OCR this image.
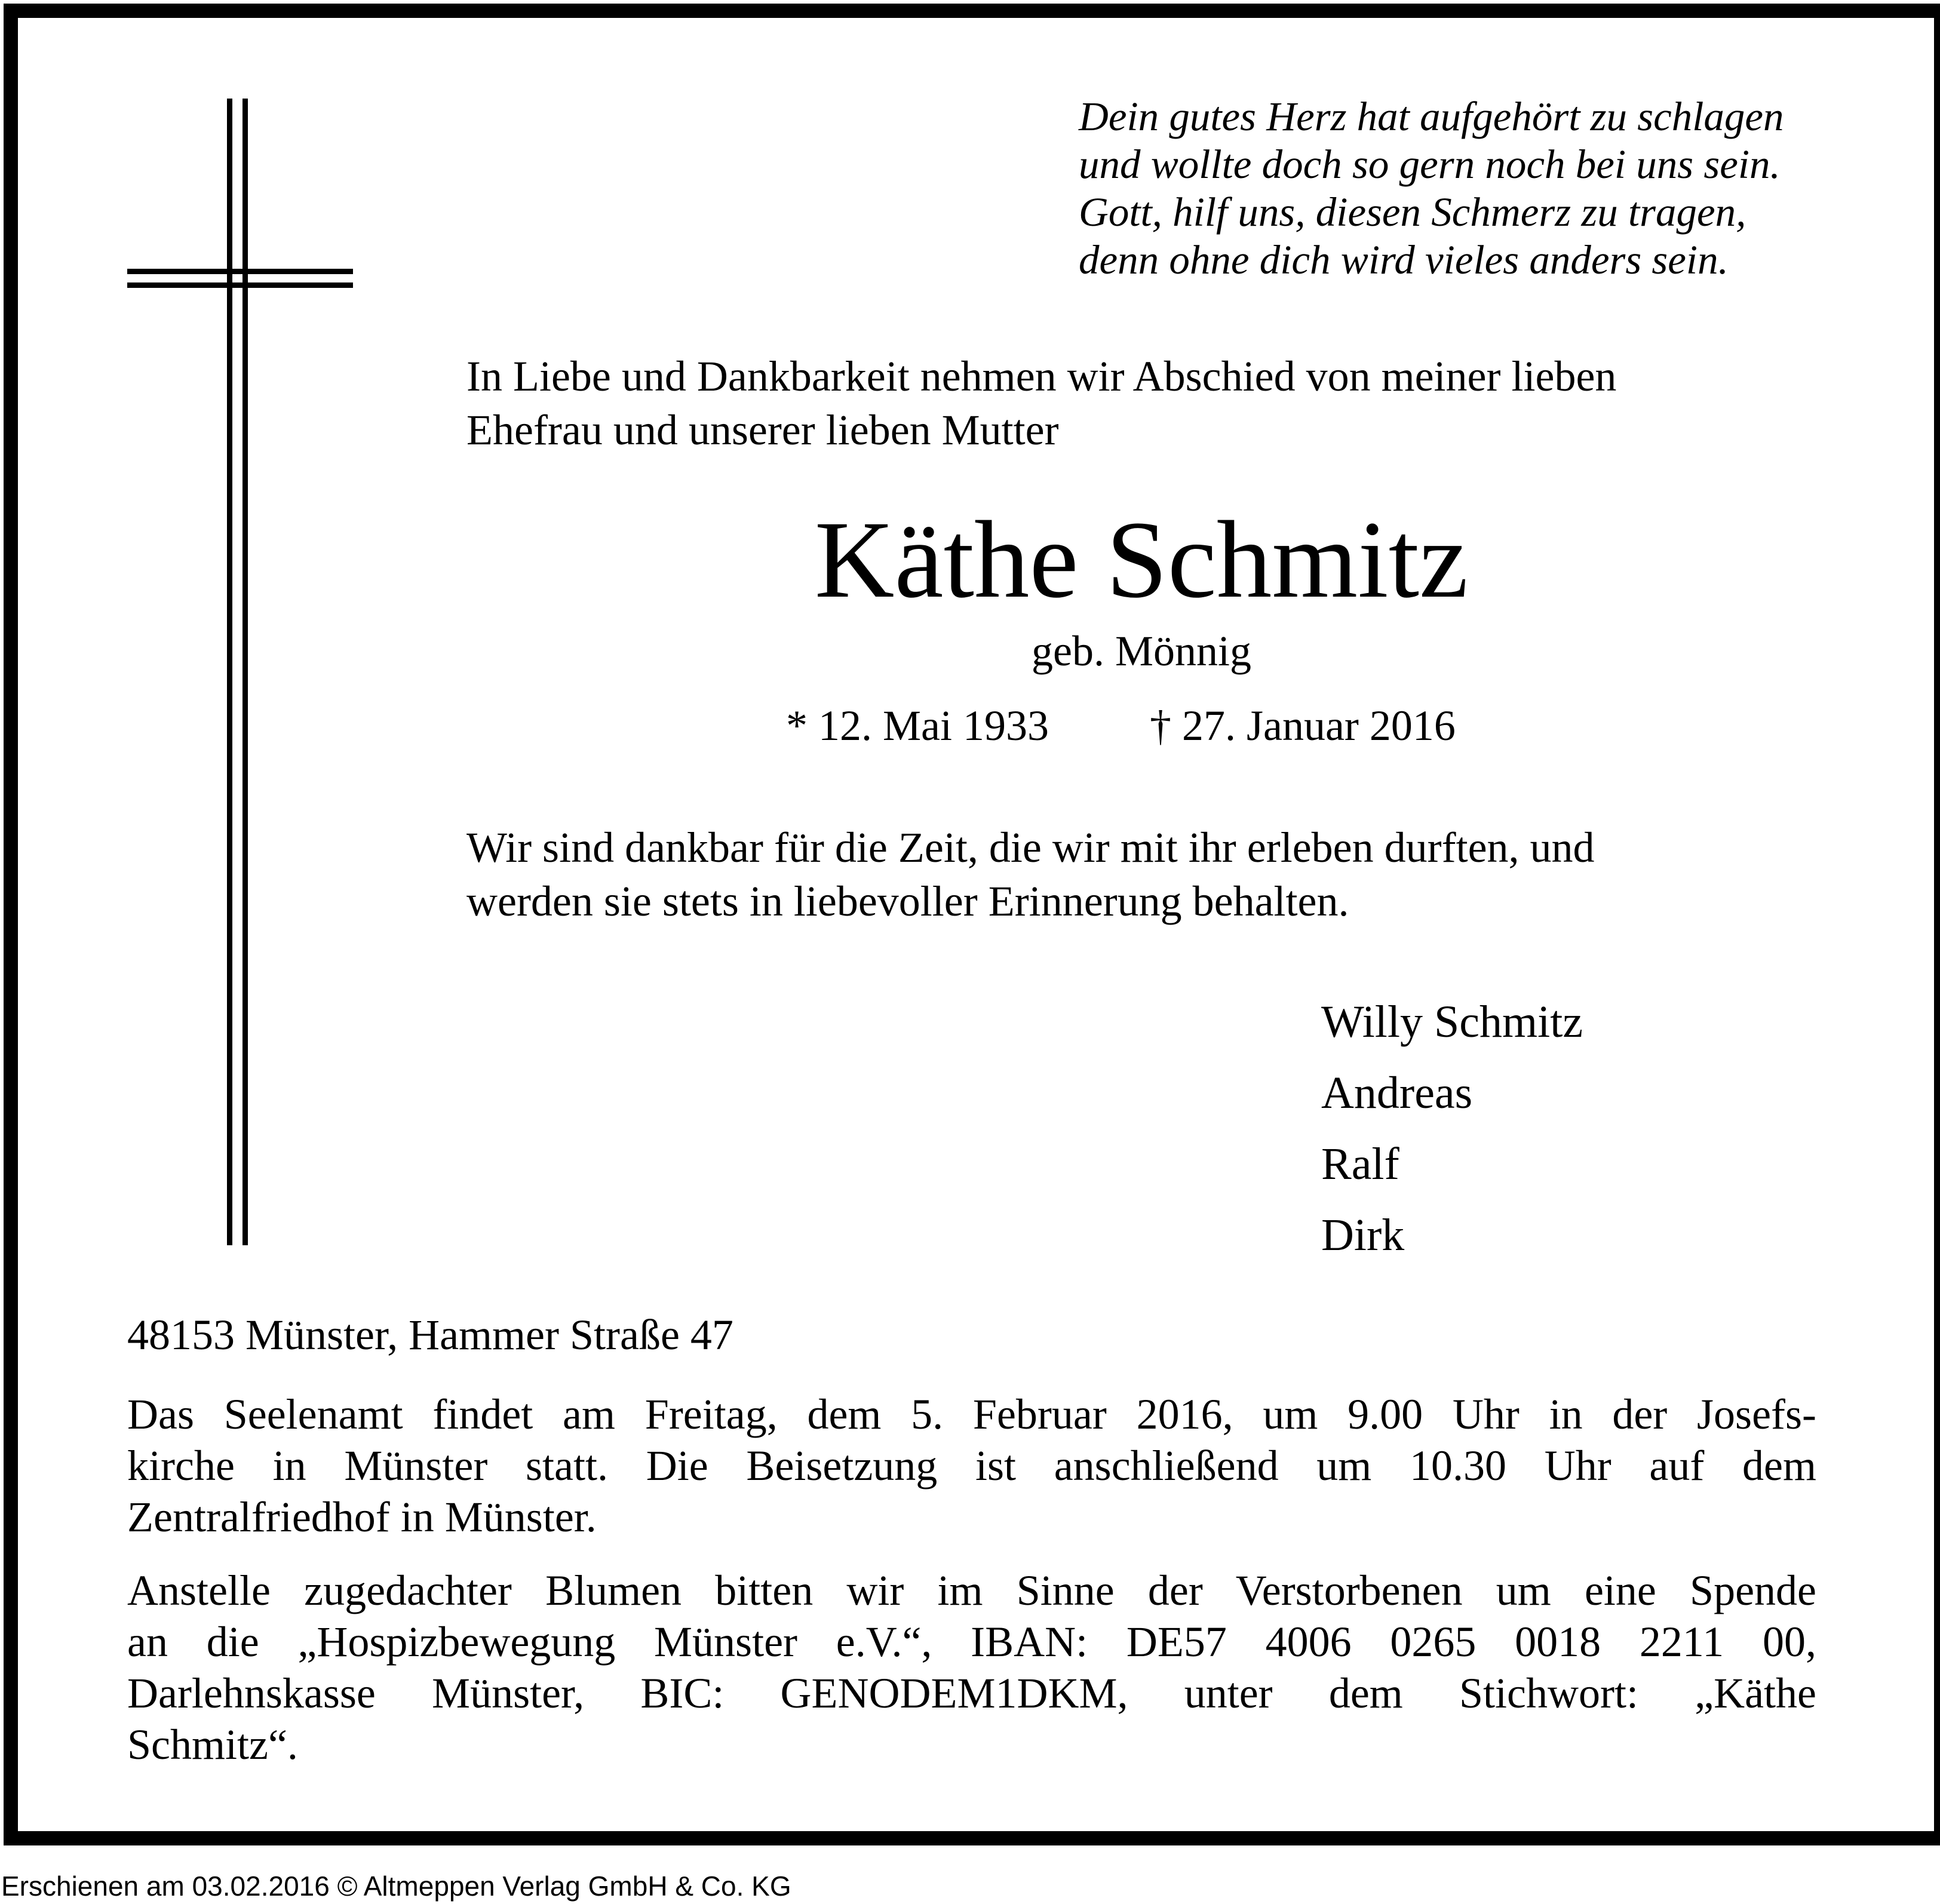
Dein gutes Herz hat aufgehört zu schlagen
und wollte doch so gern noch bei uns sein.
Gott, hilf uns, diesen Schmerz zu tragen,
denn ohne dich wird vieles anders sein.
In Liebe und Dankbarkeit nehmen wir Abschied von meiner lieben
Ehefrau und unserer lieben Mutter
Käthe Schmitz
geb. Mönnig
* 12. Mai 1933 † 27. Januar 2016
Wir sind dankbar für die Zeit, die wir mit ihr erleben durften, und
werden sie stets in liebevoller Erinnerung behalten.
Willy Schmitz
Andreas
Ralf
Dirk
48153 Münster, Hammer Straße 47
Das Seelenamt findet am Freitag, dem 5. Februar 2016, um 9.00 Uhr in der Josefs-
kirche in Münster statt. Die Beisetzung ist anschließend um 10.30 Uhr auf dem
Zentralfriedhof in Münster.
Anstelle zugedachter Blumen bitten wir im Sinne der Verstorbenen um eine Spende
an die „Hospizbewegung Münster e.V.“, IBAN: DE57 4006 0265 0018 2211 00,
Darlehnskasse Münster, BIC: GENODEM1DKM, unter dem Stichwort: „Käthe
Schmitz“.
Erschienen am 03.02.2016 © Altmeppen Verlag GmbH & Co. KG
